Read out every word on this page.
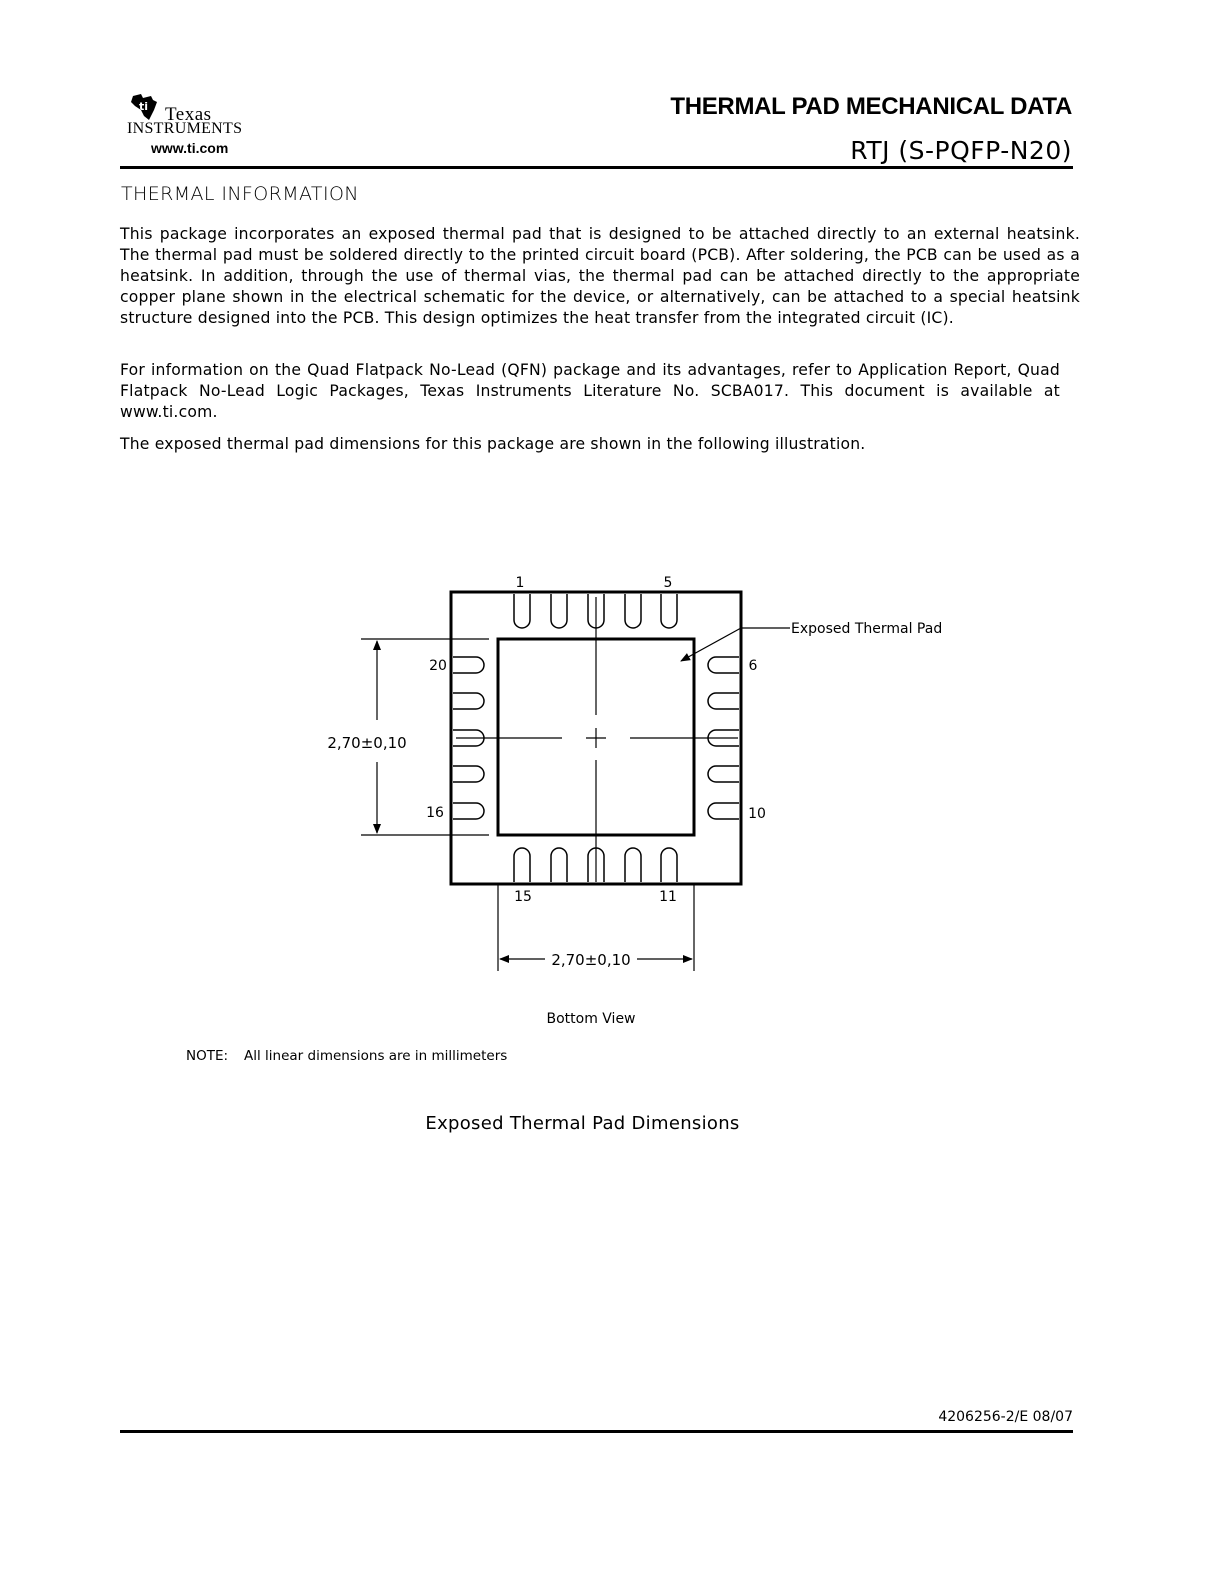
ti Texas
INSTRUMENTS
www.ti.com
THERMAL PAD MECHANICAL DATA
RTJ (S-PQFP-N20)
THERMAL INFORMATION

This package incorporates an exposed thermal pad that is designed to be attached directly to an external heatsink. The thermal pad must be soldered directly to the printed circuit board (PCB). After soldering, the PCB can be used as a heatsink. In addition, through the use of thermal vias, the thermal pad can be attached directly to the appropriate copper plane shown in the electrical schematic for the device, or alternatively, can be attached to a special heatsink structure designed into the PCB. This design optimizes the heat transfer from the integrated circuit (IC).

For information on the Quad Flatpack No-Lead (QFN) package and its advantages, refer to Application Report, Quad Flatpack No-Lead Logic Packages, Texas Instruments Literature No. SCBA017. This document is available at www.ti.com.

The exposed thermal pad dimensions for this package are shown in the following illustration.

1	5
20
16
6
10
15	11
Exposed Thermal Pad
2,70±0,10
2,70±0,10
Bottom View
NOTE: All linear dimensions are in millimeters
Exposed Thermal Pad Dimensions
4206256-2/E 08/07
